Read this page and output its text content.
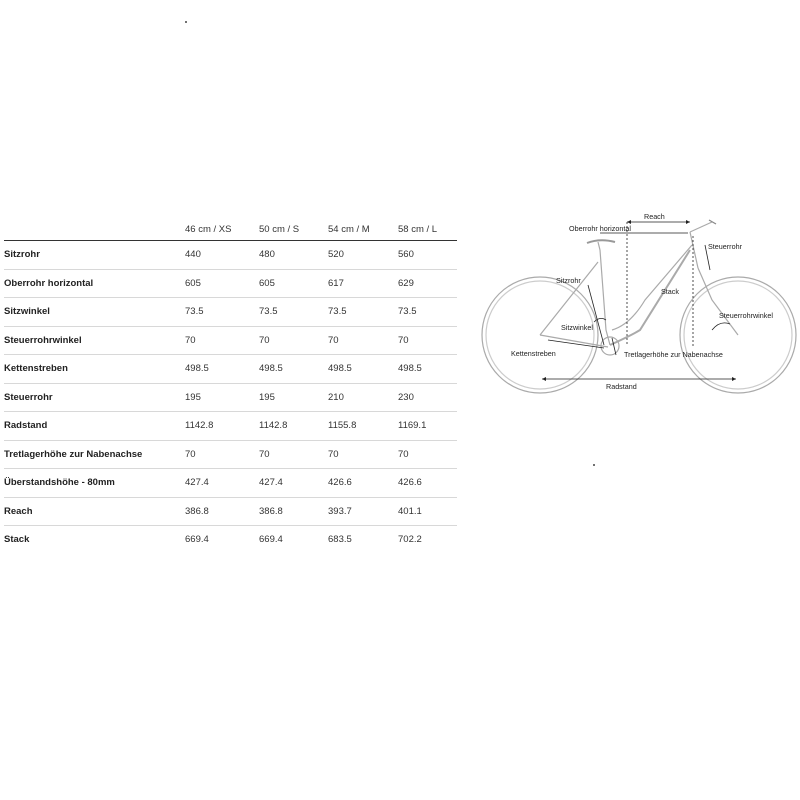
	46 cm / XS	50 cm / S	54 cm / M	58 cm / L
Sitzrohr	440	480	520	560
Oberrohr horizontal	605	605	617	629
Sitzwinkel	73.5	73.5	73.5	73.5
Steuerrohrwinkel	70	70	70	70
Kettenstreben	498.5	498.5	498.5	498.5
Steuerrohr	195	195	210	230
Radstand	1142.8	1142.8	1155.8	1169.1
Tretlagerhöhe zur Nabenachse	70	70	70	70
Überstandshöhe - 80mm	427.4	427.4	426.6	426.6
Reach	386.8	386.8	393.7	401.1
Stack	669.4	669.4	683.5	702.2
Reach
Oberrohr horizontal
Steuerrohr
Sitzrohr
Stack
Steuerrohrwinkel
Sitzwinkel
Kettenstreben	Tretlagerhöhe zur Nabenachse
Radstand
